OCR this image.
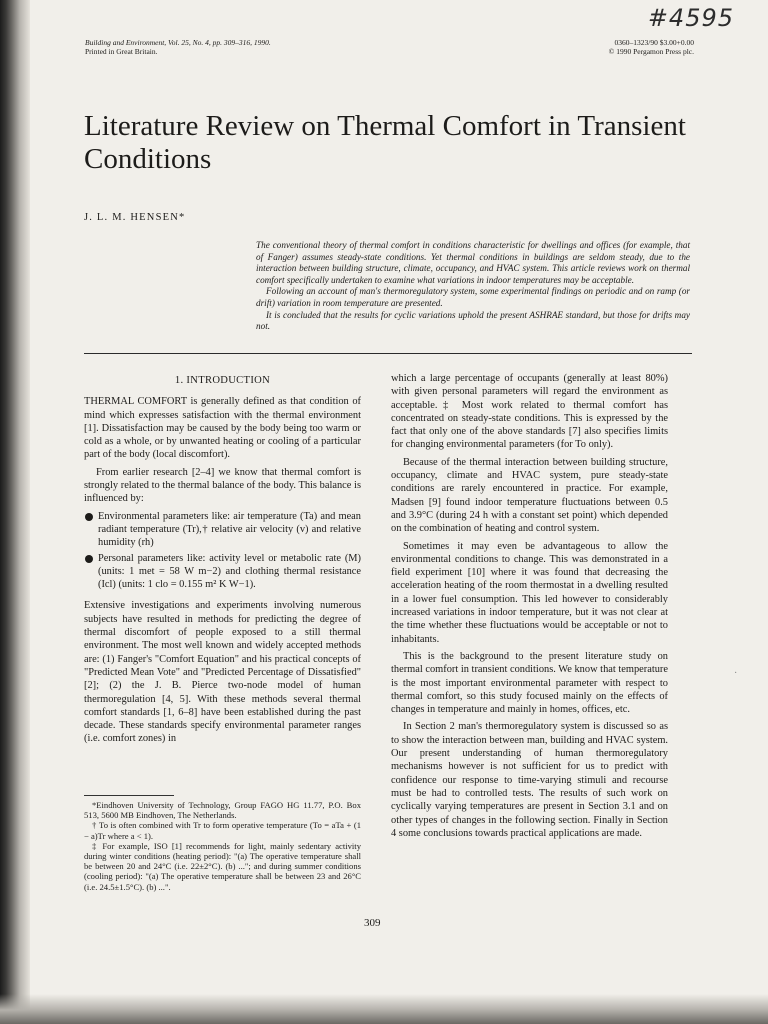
#4595
Building and Environment, Vol. 25, No. 4, pp. 309–316, 1990.
Printed in Great Britain.
0360–1323/90 $3.00+0.00
© 1990 Pergamon Press plc.
Literature Review on Thermal Comfort in Transient Conditions
J. L. M. HENSEN*

The conventional theory of thermal comfort in conditions characteristic for dwellings and offices (for example, that of Fanger) assumes steady-state conditions. Yet thermal conditions in buildings are seldom steady, due to the interaction between building structure, climate, occupancy, and HVAC system. This article reviews work on thermal comfort specifically undertaken to examine what variations in indoor temperatures may be acceptable.

Following an account of man's thermoregulatory system, some experimental findings on periodic and on ramp (or drift) variation in room temperature are presented.

It is concluded that the results for cyclic variations uphold the present ASHRAE standard, but those for drifts may not.

1. INTRODUCTION

THERMAL COMFORT is generally defined as that condition of mind which expresses satisfaction with the thermal environment [1]. Dissatisfaction may be caused by the body being too warm or cold as a whole, or by unwanted heating or cooling of a particular part of the body (local discomfort).

From earlier research [2–4] we know that thermal comfort is strongly related to the thermal balance of the body. This balance is influenced by:

Environmental parameters like: air temperature (Ta) and mean radiant temperature (Tr),† relative air velocity (v) and relative humidity (rh)
Personal parameters like: activity level or metabolic rate (M) (units: 1 met = 58 W m−2) and clothing thermal resistance (Icl) (units: 1 clo = 0.155 m² K W−1).

Extensive investigations and experiments involving numerous subjects have resulted in methods for predicting the degree of thermal discomfort of people exposed to a still thermal environment. The most well known and widely accepted methods are: (1) Fanger's "Comfort Equation" and his practical concepts of "Predicted Mean Vote" and "Predicted Percentage of Dissatisfied" [2]; (2) the J. B. Pierce two-node model of human thermoregulation [4, 5]. With these methods several thermal comfort standards [1, 6–8] have been established during the past decade. These standards specify environmental parameter ranges (i.e. comfort zones) in

*Eindhoven University of Technology, Group FAGO HG 11.77, P.O. Box 513, 5600 MB Eindhoven, The Netherlands.

† To is often combined with Tr to form operative temperature (To = aTa + (1 − a)Tr where a < 1).

‡ For example, ISO [1] recommends for light, mainly sedentary activity during winter conditions (heating period): "(a) The operative temperature shall be between 20 and 24°C (i.e. 22±2°C). (b) ..."; and during summer conditions (cooling period): "(a) The operative temperature shall be between 23 and 26°C (i.e. 24.5±1.5°C). (b) ...".

which a large percentage of occupants (generally at least 80%) with given personal parameters will regard the environment as acceptable.‡ Most work related to thermal comfort has concentrated on steady-state conditions. This is expressed by the fact that only one of the above standards [7] also specifies limits for changing environmental parameters (for To only).

Because of the thermal interaction between building structure, occupancy, climate and HVAC system, pure steady-state conditions are rarely encountered in practice. For example, Madsen [9] found indoor temperature fluctuations between 0.5 and 3.9°C (during 24 h with a constant set point) which depended on the combination of heating and control system.

Sometimes it may even be advantageous to allow the environmental conditions to change. This was demonstrated in a field experiment [10] where it was found that decreasing the acceleration heating of the room thermostat in a dwelling resulted in a lower fuel consumption. This led however to considerably increased variations in indoor temperature, but it was not clear at the time whether these fluctuations would be acceptable or not to inhabitants.

This is the background to the present literature study on thermal comfort in transient conditions. We know that temperature is the most important environmental parameter with respect to thermal comfort, so this study focused mainly on the effects of changes in temperature and mainly in homes, offices, etc.

In Section 2 man's thermoregulatory system is discussed so as to show the interaction between man, building and HVAC system. Our present understanding of human thermoregulatory mechanisms however is not sufficient for us to predict with confidence our response to time-varying stimuli and recourse must be had to controlled tests. The results of such work on cyclically varying temperatures are present in Section 3.1 and on other types of changes in the following section. Finally in Section 4 some conclusions towards practical applications are made.

309
·
